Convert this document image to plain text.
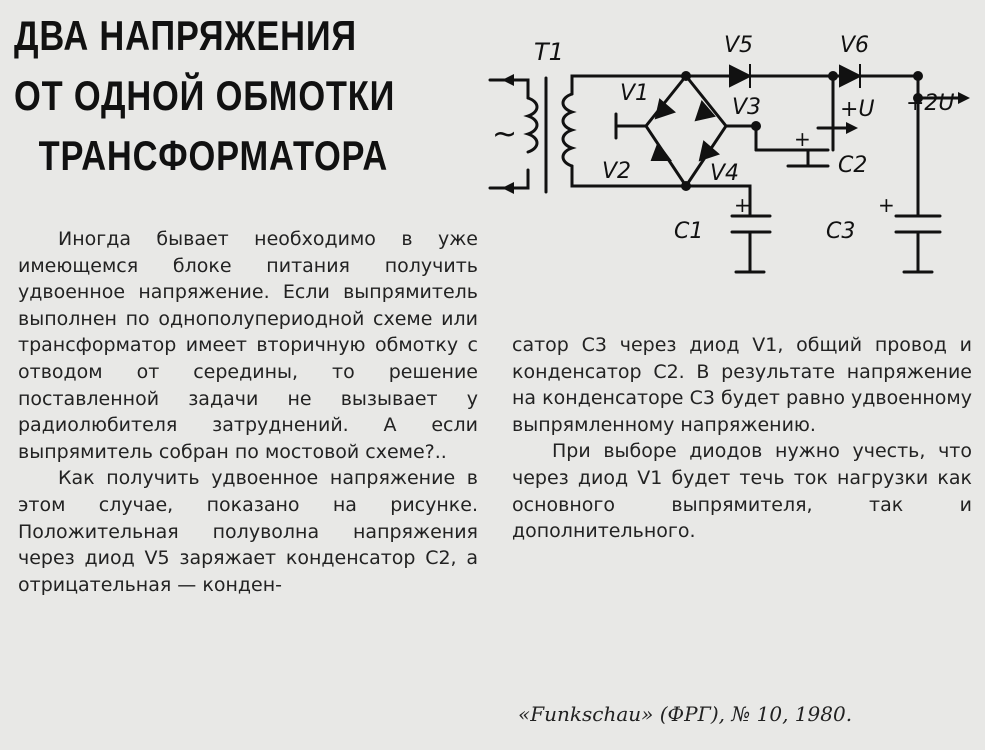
ДВА НАПРЯЖЕНИЯ
ОТ ОДНОЙ ОБМОТКИ
ТРАНСФОРМАТОРА
T1
~
V1
V2
V3
V4
V5	V6
C1
C2
C3
+U +2U
+
+	+

Иногда бывает необходимо в уже имеющемся блоке питания получить удвоенное напряжение. Если выпрямитель выполнен по однополупериодной схеме или трансформатор имеет вторичную обмотку с отводом от середины, то решение поставленной задачи не вызывает у радиолюбителя затруднений. А если выпрямитель собран по мостовой схеме?..

Как получить удвоенное напряжение в этом случае, показано на рисунке. Положительная полуволна напряжения через диод V5 заряжает конденсатор C2, а отрицательная — конден-

сатор C3 через диод V1, общий провод и конденсатор C2. В результате напряжение на конденсаторе C3 будет равно удвоенному выпрямленному напряжению.

При выборе диодов нужно учесть, что через диод V1 будет течь ток нагрузки как основного выпрямителя, так и дополнительного.

«Funkschau» (ФРГ), № 10, 1980.
